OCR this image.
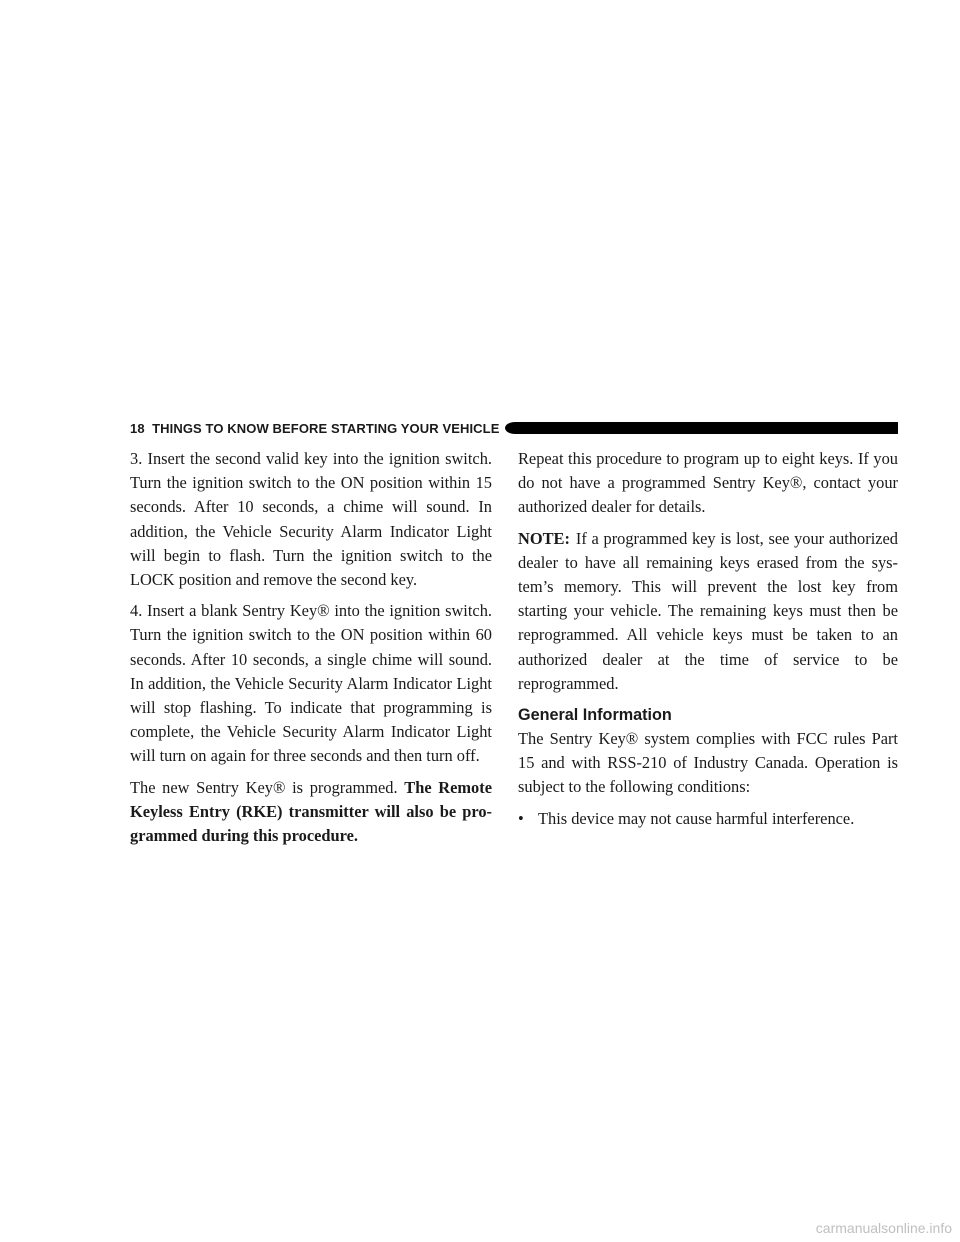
18
THINGS TO KNOW BEFORE STARTING YOUR VEHICLE

3. Insert the second valid key into the ignition switch. Turn the ignition switch to the ON position within 15 seconds. After 10 seconds, a chime will sound. In addition, the Vehicle Security Alarm Indicator Light will begin to flash. Turn the ignition switch to the LOCK position and remove the second key.

4. Insert a blank Sentry Key® into the ignition switch. Turn the ignition switch to the ON position within 60 seconds. After 10 seconds, a single chime will sound. In addition, the Vehicle Security Alarm Indicator Light will stop flashing. To indicate that programming is complete, the Vehicle Security Alarm Indicator Light will turn on again for three seconds and then turn off.

The new Sentry Key® is programmed. The Remote Keyless Entry (RKE) transmitter will also be programmed during this procedure.

Repeat this procedure to program up to eight keys. If you do not have a programmed Sentry Key®, contact your authorized dealer for details.

NOTE: If a programmed key is lost, see your authorized dealer to have all remaining keys erased from the system’s memory. This will prevent the lost key from starting your vehicle. The remaining keys must then be reprogrammed. All vehicle keys must be taken to an authorized dealer at the time of service to be reprogrammed.

General Information

The Sentry Key® system complies with FCC rules Part 15 and with RSS-210 of Industry Canada. Operation is subject to the following conditions:

• This device may not cause harmful interference.
carmanualsonline.info
